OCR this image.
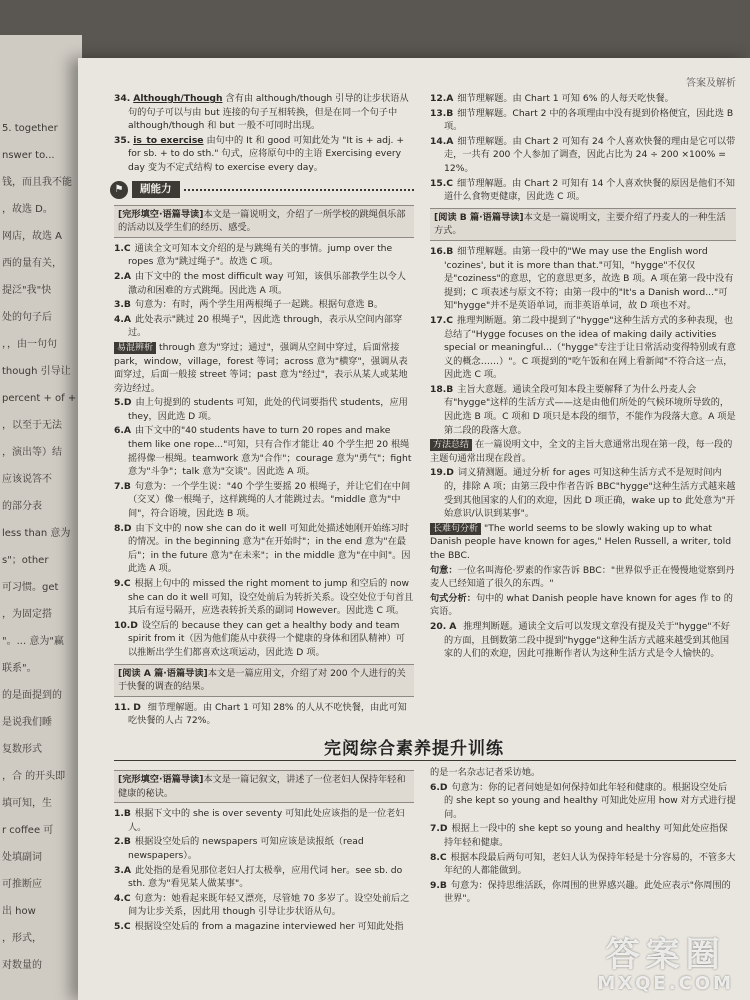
5. together
nswer to...
钱，而且我不能
，故选 D。
网店，故选 A
西的量有关，
提泛"我"快
处的句子后
，，由一句句
though 引导让
percent + of +
，以至于无法
，演出等）结
应该说答不
的部分表
less than 意为
s"；other
可习惯。get
，为固定搭
"。... 意为"赢
联系"。
的是面提到的
是说我们睡
复数形式
，合 的开头即
填可知，生
r coffee 可
处填副词
可推断应
出 how
，形式，
对数量的
答案及解析
34. Although/Though 含有由 although/though 引导的让步状语从句的句子可以与由 but 连接的句子互相转换，但是在同一个句子中 although/though 和 but 一般不可同时出现。
35. is_to exercise 由句中的 It 和 good 可知此处为 "It is + adj. + for sb. + to do sth." 句式，应将原句中的主语 Exercising every day 变为不定式结构 to exercise every day。
⚑	刷能力
[完形填空·语篇导读]本文是一篇说明文，介绍了一所学校的跳绳俱乐部的活动以及学生们的经历、感受。
1.C 通读全文可知本文介绍的是与跳绳有关的事情。jump over the ropes 意为"跳过绳子"。故选 C 项。
2.A 由下文中的 the most difficult way 可知，该俱乐部教学生以令人激动和困难的方式跳绳。因此选 A 项。
3.B 句意为：有时，两个学生用两根绳子一起跳。根据句意选 B。
4.A 此处表示"跳过 20 根绳子"，因此选 through，表示从空间内部穿过。
易混辨析 through 意为"穿过；通过"，强调从空间中穿过，后面常接 park，window，village，forest 等词；across 意为"横穿"，强调从表面穿过，后面一般接 street 等词；past 意为"经过"，表示从某人或某地旁边经过。
5.D 由上句提到的 students 可知，此处的代词要指代 students，应用 they，因此选 D 项。
6.A 由下文中的"40 students have to turn 20 ropes and make them like one rope..."可知，只有合作才能让 40 个学生把 20 根绳摇得像一根绳。teamwork 意为"合作"；courage 意为"勇气"；fight 意为"斗争"；talk 意为"交谈"。因此选 A 项。
7.B 句意为：一个学生说："40 个学生要摇 20 根绳子，并让它们在中间（交叉）像一根绳子，这样跳绳的人才能跳过去。"middle 意为"中间"，符合语境，因此选 B 项。
8.D 由下文中的 now she can do it well 可知此处描述她刚开始练习时的情况。in the beginning 意为"在开始时"；in the end 意为"在最后"；in the future 意为"在未来"；in the middle 意为"在中间"。因此选 A 项。
9.C 根据上句中的 missed the right moment to jump 和空后的 now she can do it well 可知，设空处前后为转折关系。设空处位于句首且其后有逗号隔开，应选表转折关系的副词 However。因此选 C 项。
10.D 设空后的 because they can get a healthy body and team spirit from it（因为他们能从中获得一个健康的身体和团队精神）可以推断出学生们都喜欢这项运动，因此选 D 项。
[阅读 A 篇·语篇导读]本文是一篇应用文，介绍了对 200 个人进行的关于快餐的调查的结果。
11. D 细节理解题。由 Chart 1 可知 28% 的人从不吃快餐，由此可知吃快餐的人占 72%。
12.A 细节理解题。由 Chart 1 可知 6% 的人每天吃快餐。
13.B 细节理解题。Chart 2 中的各项理由中没有提到价格便宜，因此选 B 项。
14.A 细节理解题。由 Chart 2 可知有 24 个人喜欢快餐的理由是它可以带走，一共有 200 个人参加了调查，因此占比为 24 ÷ 200 ×100% = 12%。
15.C 细节理解题。由 Chart 2 可知有 14 个人喜欢快餐的原因是他们不知道什么食物更健康，因此选 C 项。
[阅读 B 篇·语篇导读]本文是一篇说明文，主要介绍了丹麦人的一种生活方式。
16.B 细节理解题。由第一段中的"We may use the English word 'cozines', but it is more than that."可知，"hygge"不仅仅是"coziness"的意思，它的意思更多，故选 B 项。A 项在第一段中没有提到；C 项表述与原文不符；由第一段中的"It's a Danish word..."可知"hygge"并不是英语单词，而非英语单词，故 D 项也不对。
17.C 推理判断题。第二段中提到了"hygge"这种生活方式的多种表现，也总结了"Hygge focuses on the idea of making daily activities special or meaningful...（"hygge"专注于让日常活动变得特别或有意义的概念……）"。C 项提到的"吃午饭和在网上看新闻"不符合这一点，因此选 C 项。
18.B 主旨大意题。通读全段可知本段主要解释了为什么丹麦人会有"hygge"这样的生活方式——这是由他们所处的气候环境所导致的，因此选 B 项。C 项和 D 项只是本段的细节，不能作为段落大意。A 项是第二段的段落大意。
方法总结 在一篇说明文中，全文的主旨大意通常出现在第一段，每一段的主题句通常出现在段首。
19.D 词义猜测题。通过分析 for ages 可知这种生活方式不是短时间内的，排除 A 项；由第三段中作者告诉 BBC"hygge"这种生活方式越来越受到其他国家的人们的欢迎，因此 D 项正确，wake up to 此处意为"开始意识/认识到某事"。
长难句分析 "The world seems to be slowly waking up to what Danish people have known for ages," Helen Russell, a writer, told the BBC.
句意：一位名叫海伦·罗素的作家告诉 BBC："世界似乎正在慢慢地觉察到丹麦人已经知道了很久的东西。"
句式分析：句中的 what Danish people have known for ages 作 to 的宾语。
20. A 推理判断题。通读全文后可以发现文章没有提及关于"hygge"不好的方面，且倒数第二段中提到"hygge"这种生活方式越来越受到其他国家的人们的欢迎，因此可推断作者认为这种生活方式是令人愉快的。
完阅综合素养提升训练
[完形填空·语篇导读]本文是一篇记叙文，讲述了一位老妇人保持年轻和健康的秘诀。
1.B 根据下文中的 she is over seventy 可知此处应该指的是一位老妇人。
2.B 根据设空处后的 newspapers 可知应该是读报纸（read newspapers）。
3.A 此处指的是看见那位老妇人打太极拳，应用代词 her。see sb. do sth. 意为"看见某人做某事"。
4.C 句意为：她看起来既年轻又漂亮，尽管她 70 多岁了。设空处前后之间为让步关系，因此用 though 引导让步状语从句。
5.C 根据设空处后的 from a magazine interviewed her 可知此处指
的是一名杂志记者采访她。
6.D 句意为：你的记者问她是如何保持如此年轻和健康的。根据设空处后的 she kept so young and healthy 可知此处应用 how 对方式进行提问。
7.D 根据上一段中的 she kept so young and healthy 可知此处应指保持年轻和健康。
8.C 根据本段最后两句可知，老妇人认为保持年轻是十分容易的，不管多大年纪的人都能做到。
9.B 句意为：保持思维活跃，你周围的世界感兴趣。此处应表示"你周围的世界"。
答案圈
MXQE.COM
